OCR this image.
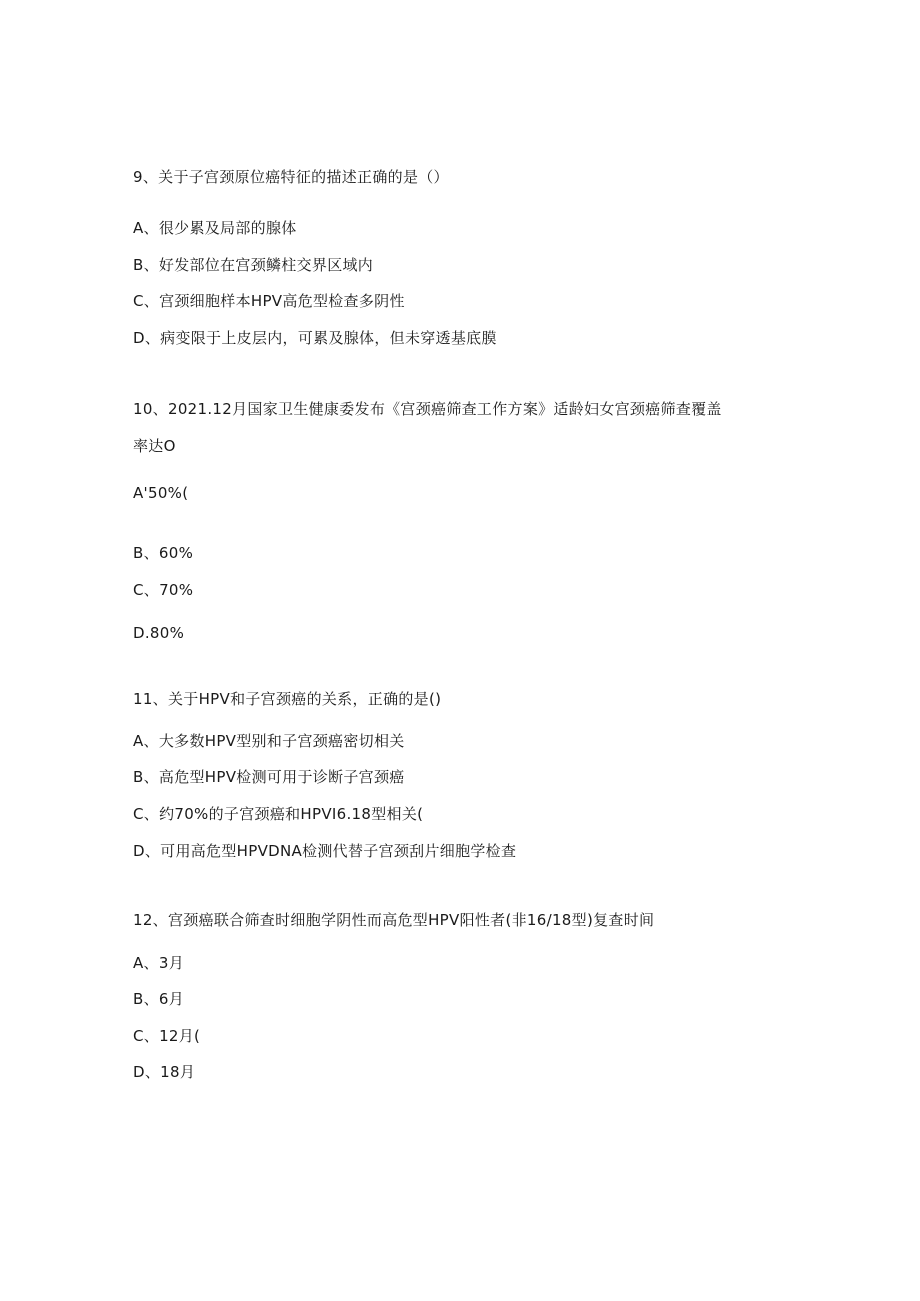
9、关于子宫颈原位癌特征的描述正确的是（）
A、很少累及局部的腺体
B、好发部位在宫颈鳞柱交界区域内
C、宫颈细胞样本HPV高危型检查多阴性
D、病变限于上皮层内，可累及腺体，但未穿透基底膜
10、2021.12月国家卫生健康委发布《宫颈癌筛查工作方案》适龄妇女宫颈癌筛查覆盖
率达O
A'50%(
B、60%
C、70%
D.80%
11、关于HPV和子宫颈癌的关系，正确的是()
A、大多数HPV型别和子宫颈癌密切相关
B、高危型HPV检测可用于诊断子宫颈癌
C、约70%的子宫颈癌和HPVI6.18型相关(
D、可用高危型HPVDNA检测代替子宫颈刮片细胞学检查
12、宫颈癌联合筛查时细胞学阴性而高危型HPV阳性者(非16/18型)复查时间
A、3月
B、6月
C、12月(
D、18月
